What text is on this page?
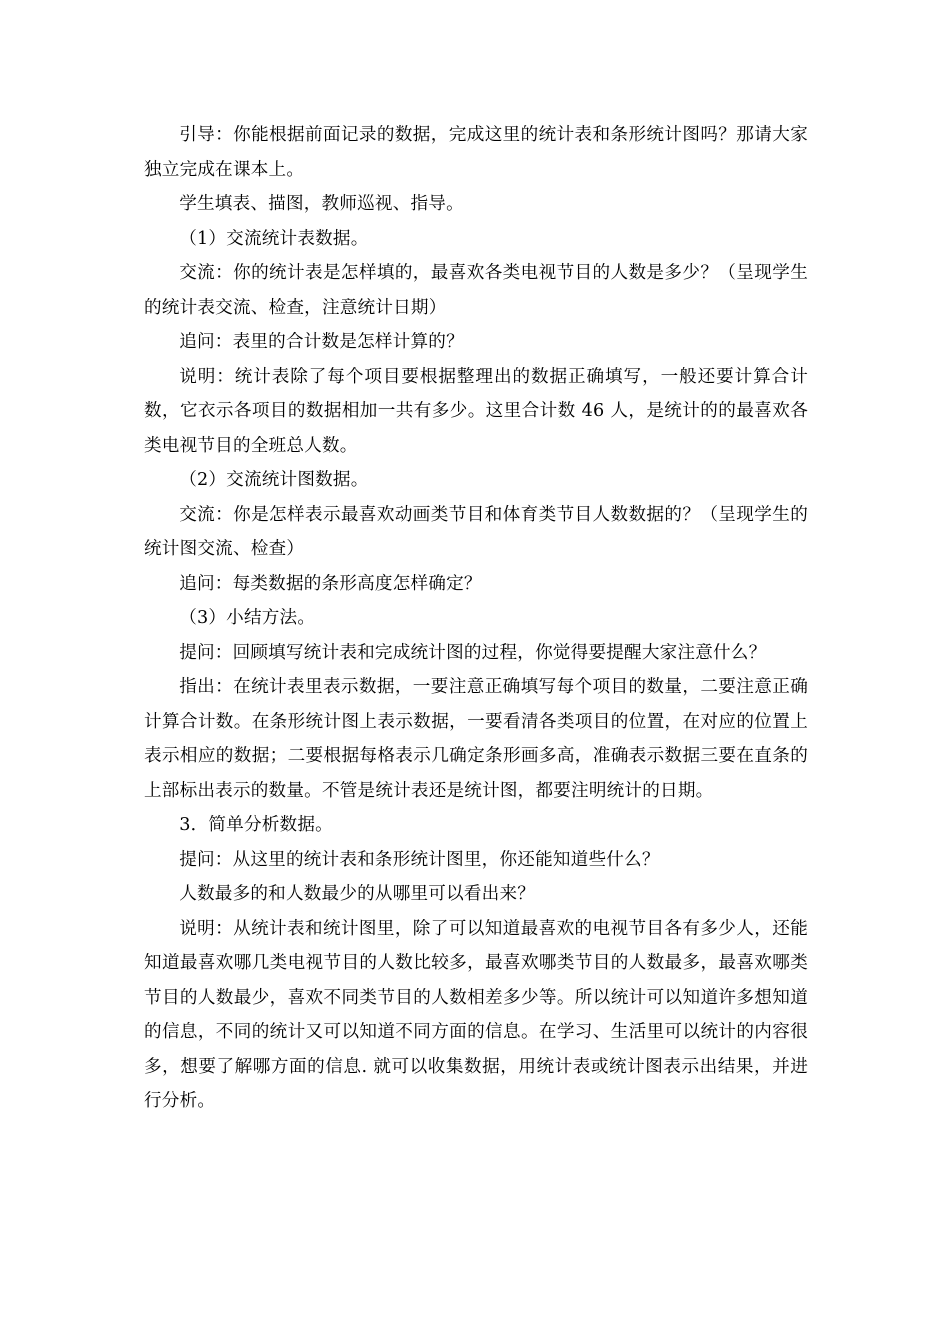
引导：你能根据前面记录的数据，完成这里的统计表和条形统计图吗？那请大家独立完成在课本上。

学生填表、描图，教师巡视、指导。

（1）交流统计表数据。

交流：你的统计表是怎样填的，最喜欢各类电视节目的人数是多少？（呈现学生的统计表交流、检查，注意统计日期）

追问：表里的合计数是怎样计算的？

说明：统计表除了每个项目要根据整理出的数据正确填写，一般还要计算合计数，它衣示各项目的数据相加一共有多少。这里合计数 46 人，是统计的的最喜欢各类电视节目的全班总人数。

（2）交流统计图数据。

交流：你是怎样表示最喜欢动画类节目和体育类节目人数数据的？（呈现学生的统计图交流、检查）

追问：每类数据的条形高度怎样确定？

（3）小结方法。

提问：回顾填写统计表和完成统计图的过程，你觉得要提醒大家注意什么？

指出：在统计表里表示数据，一要注意正确填写每个项目的数量，二要注意正确计算合计数。在条形统计图上表示数据，一要看清各类项目的位置，在对应的位置上表示相应的数据；二要根据每格表示几确定条形画多高，准确表示数据三要在直条的上部标出表示的数量。不管是统计表还是统计图，都要注明统计的日期。

3．简单分析数据。

提问：从这里的统计表和条形统计图里，你还能知道些什么？

人数最多的和人数最少的从哪里可以看出来？

说明：从统计表和统计图里，除了可以知道最喜欢的电视节目各有多少人，还能知道最喜欢哪几类电视节目的人数比较多，最喜欢哪类节目的人数最多，最喜欢哪类节目的人数最少，喜欢不同类节目的人数相差多少等。所以统计可以知道许多想知道的信息，不同的统计又可以知道不同方面的信息。在学习、生活里可以统计的内容很多，想要了解哪方面的信息. 就可以收集数据，用统计表或统计图表示出结果，并进行分析。
